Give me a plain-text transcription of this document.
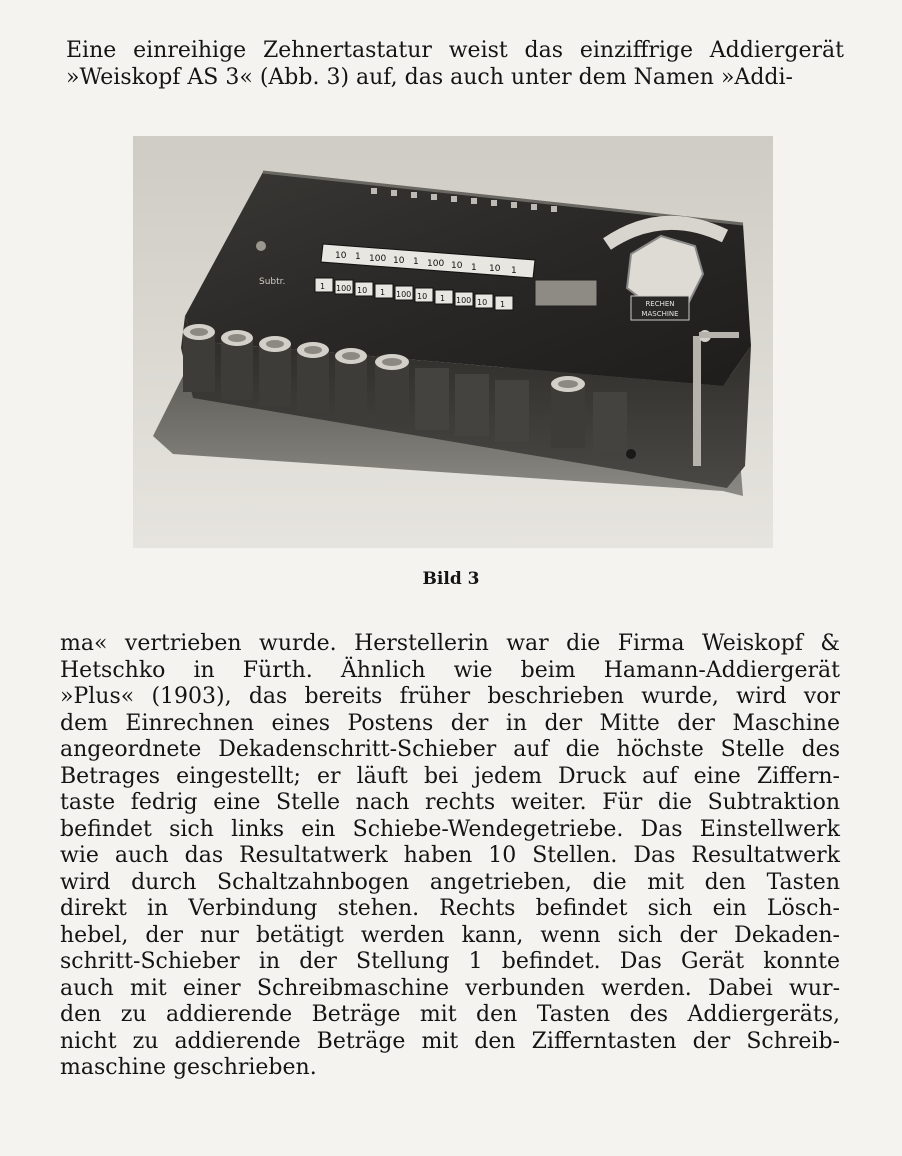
Eine einreihige Zehnertastatur weist das einziffrige Addiergerät
»Weiskopf AS 3« (Abb. 3) auf, das auch unter dem Namen »Addi-

10 1 100 10 1 100 10 1 10 1
1 100 10 1 100 10 1 100 10 1
Subtr.
RECHEN
MASCHINE
Bild 3

ma« vertrieben wurde. Herstellerin war die Firma Weiskopf &
Hetschko in Fürth. Ähnlich wie beim Hamann-Addiergerät
»Plus« (1903), das bereits früher beschrieben wurde, wird vor
dem Einrechnen eines Postens der in der Mitte der Maschine
angeordnete Dekadenschritt-Schieber auf die höchste Stelle des
Betrages eingestellt; er läuft bei jedem Druck auf eine Ziffern-
taste fedrig eine Stelle nach rechts weiter. Für die Subtraktion
befindet sich links ein Schiebe-Wendegetriebe. Das Einstellwerk
wie auch das Resultatwerk haben 10 Stellen. Das Resultatwerk
wird durch Schaltzahnbogen angetrieben, die mit den Tasten
direkt in Verbindung stehen. Rechts befindet sich ein Lösch-
hebel, der nur betätigt werden kann, wenn sich der Dekaden-
schritt-Schieber in der Stellung 1 befindet. Das Gerät konnte
auch mit einer Schreibmaschine verbunden werden. Dabei wur-
den zu addierende Beträge mit den Tasten des Addiergeräts,
nicht zu addierende Beträge mit den Zifferntasten der Schreib-
maschine geschrieben.
